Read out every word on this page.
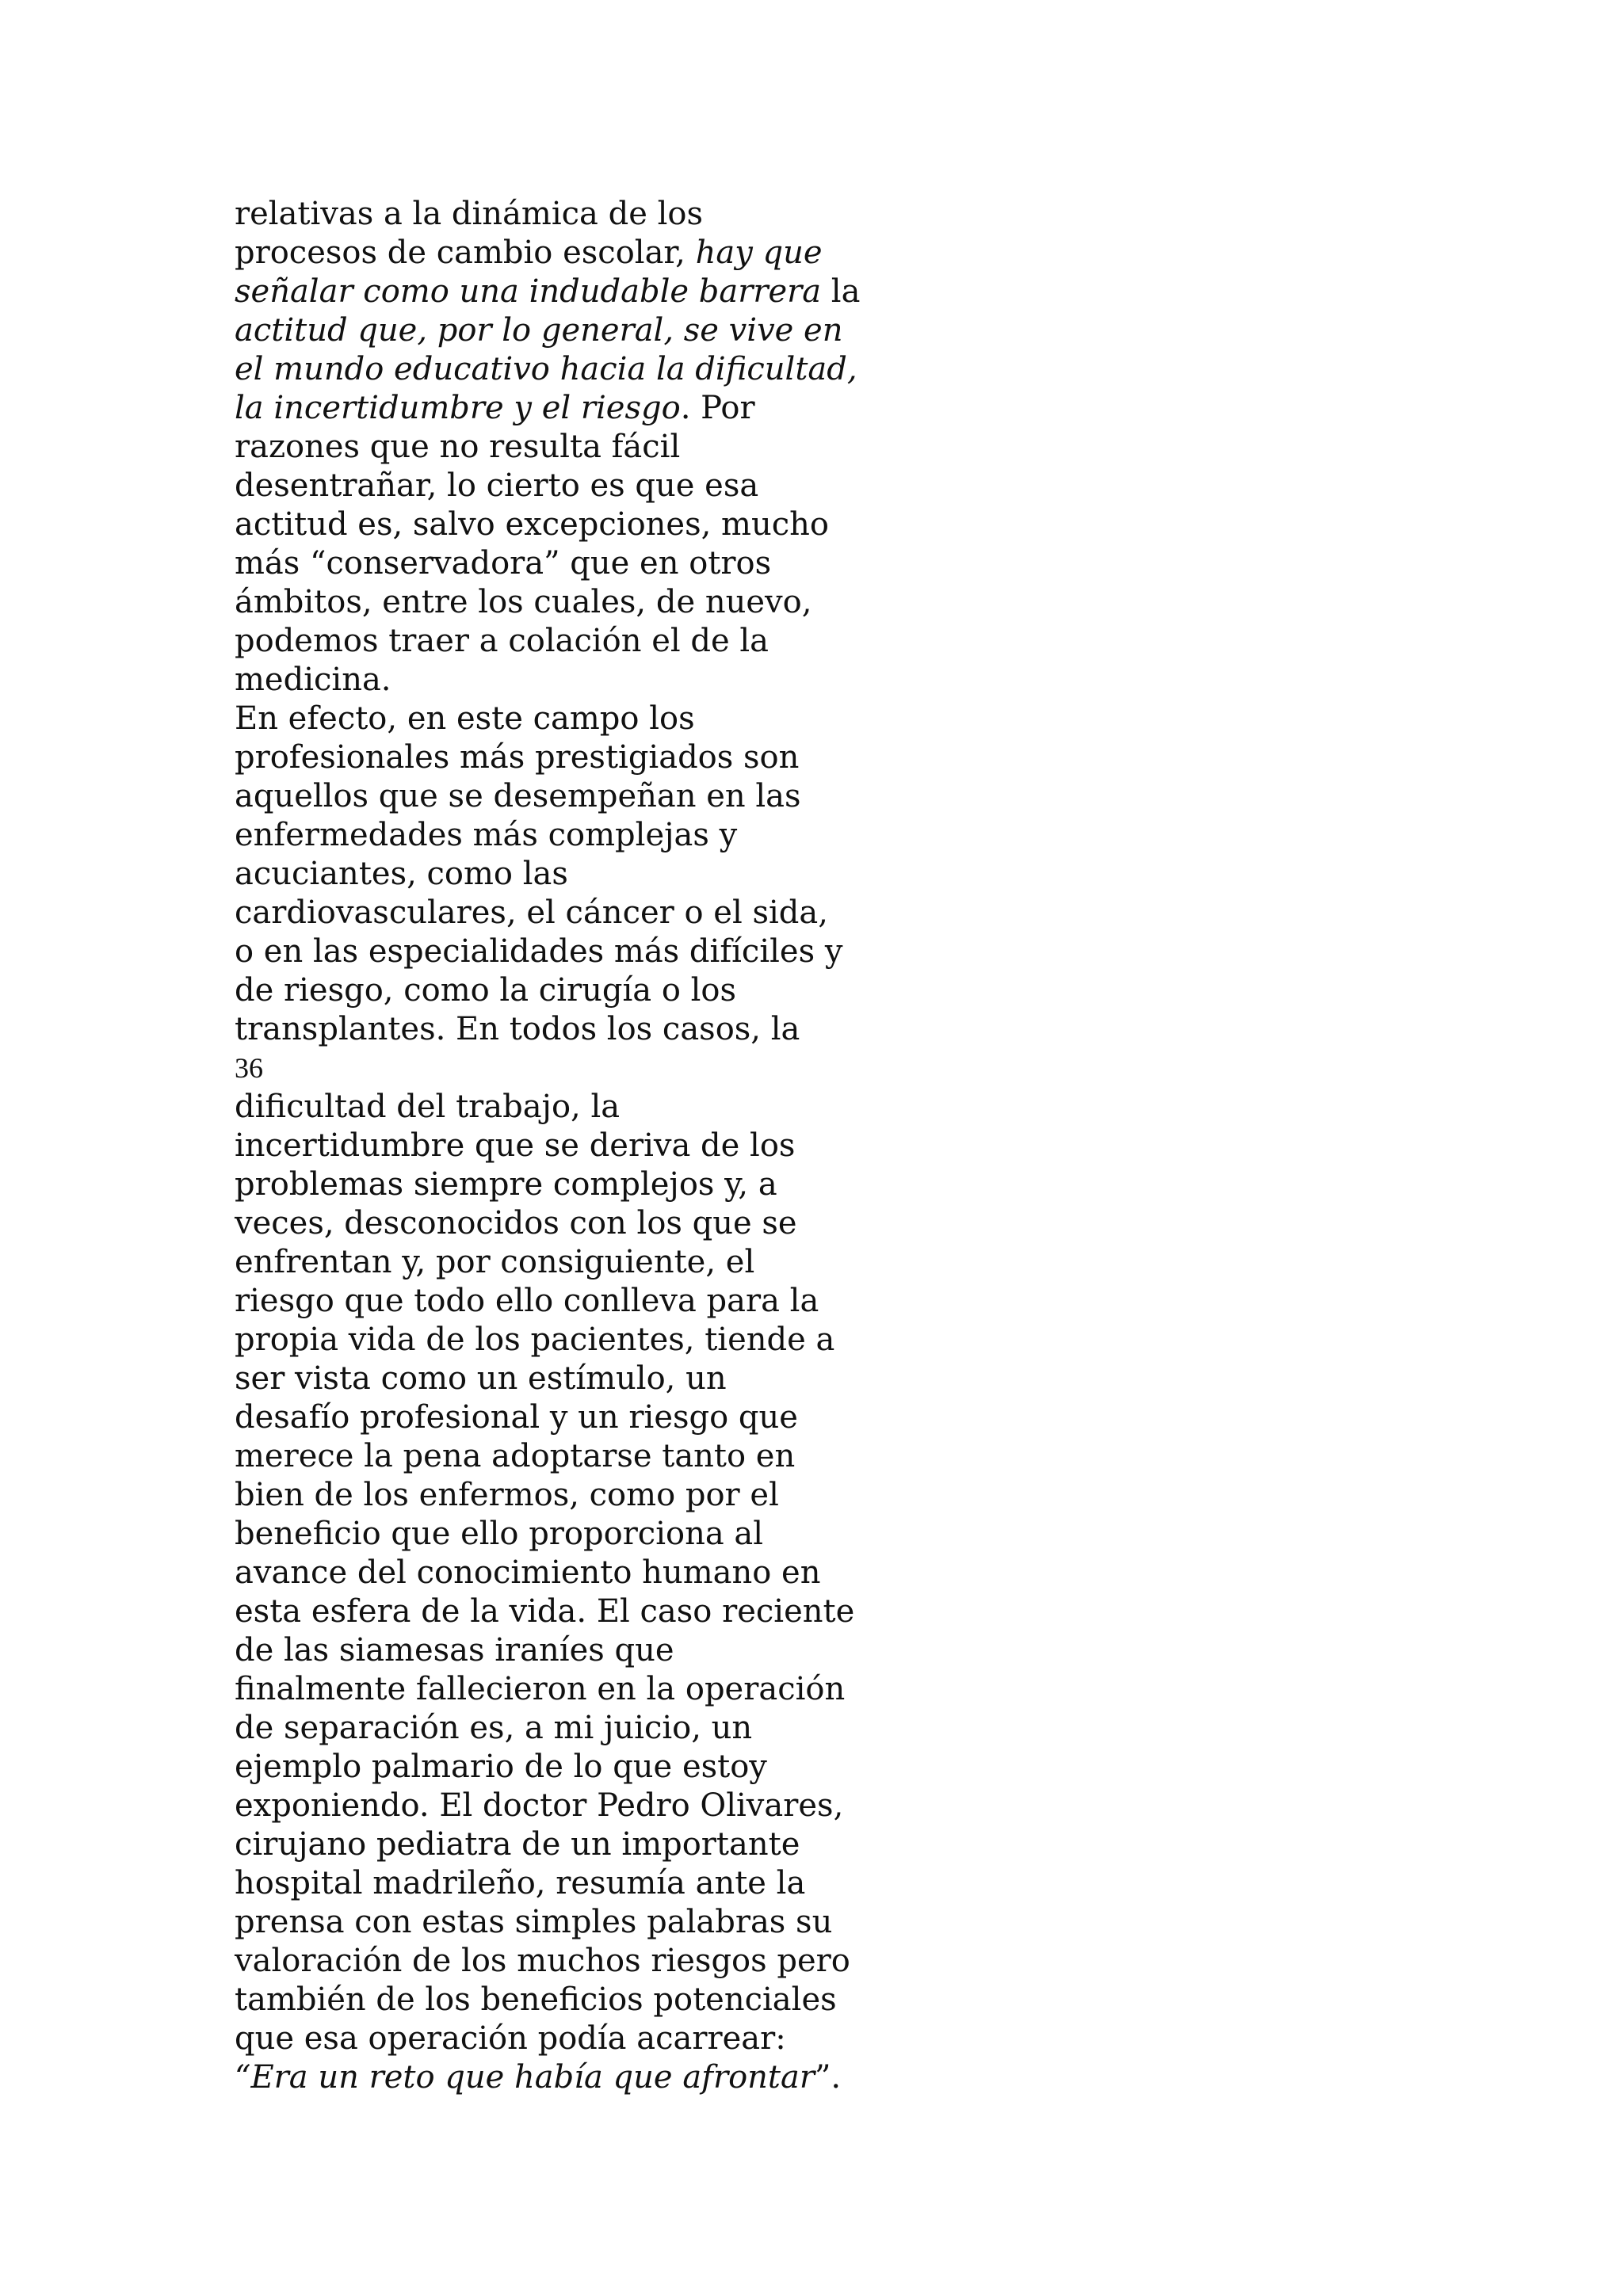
relativas a la dinámica de los
procesos de cambio escolar, hay que
señalar como una indudable barrera la
actitud que, por lo general, se vive en
el mundo educativo hacia la dificultad,
la incertidumbre y el riesgo. Por
razones que no resulta fácil
desentrañar, lo cierto es que esa
actitud es, salvo excepciones, mucho
más “conservadora” que en otros
ámbitos, entre los cuales, de nuevo,
podemos traer a colación el de la
medicina.
En efecto, en este campo los
profesionales más prestigiados son
aquellos que se desempeñan en las
enfermedades más complejas y
acuciantes, como las
cardiovasculares, el cáncer o el sida,
o en las especialidades más difíciles y
de riesgo, como la cirugía o los
transplantes. En todos los casos, la
36
dificultad del trabajo, la
incertidumbre que se deriva de los
problemas siempre complejos y, a
veces, desconocidos con los que se
enfrentan y, por consiguiente, el
riesgo que todo ello conlleva para la
propia vida de los pacientes, tiende a
ser vista como un estímulo, un
desafío profesional y un riesgo que
merece la pena adoptarse tanto en
bien de los enfermos, como por el
beneficio que ello proporciona al
avance del conocimiento humano en
esta esfera de la vida. El caso reciente
de las siamesas iraníes que
finalmente fallecieron en la operación
de separación es, a mi juicio, un
ejemplo palmario de lo que estoy
exponiendo. El doctor Pedro Olivares,
cirujano pediatra de un importante
hospital madrileño, resumía ante la
prensa con estas simples palabras su
valoración de los muchos riesgos pero
también de los beneficios potenciales
que esa operación podía acarrear:
“Era un reto que había que afrontar”.
